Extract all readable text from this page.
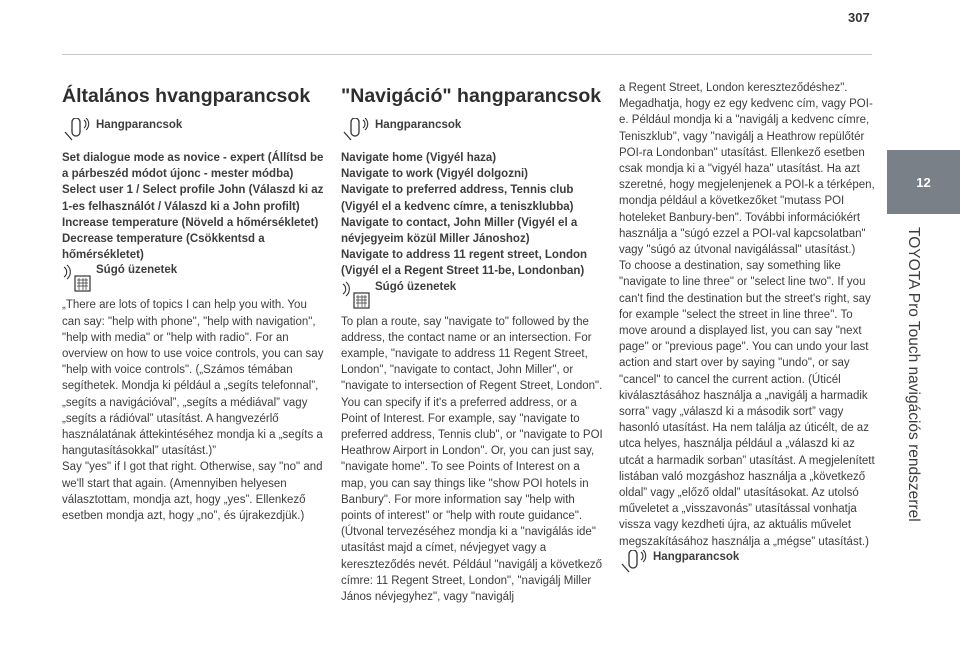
307
12
TOYOTA Pro Touch navigációs rendszerrel
Általános hvangparancsok
Hangparancsok

Set dialogue mode as novice - expert (Állítsd be a párbeszéd módot újonc - mester módba)
Select user 1 / Select profile John (Válaszd ki az 1-es felhasználót / Válaszd ki a John profilt)
Increase temperature (Növeld a hőmérsékletet)
Decrease temperature (Csökkentsd a hőmérsékletet)

Súgó üzenetek

„There are lots of topics I can help you with. You can say: "help with phone", "help with navigation", "help with media" or "help with radio". For an overview on how to use voice controls, you can say "help with voice controls". („Számos témában segíthetek. Mondja ki például a „segíts telefonnal”, „segíts a navigációval”, „segíts a médiával” vagy „segíts a rádióval” utasítást. A hangvezérlő használatának áttekintéséhez mondja ki a „segíts a hangutasításokkal” utasítást.)”
Say "yes" if I got that right. Otherwise, say "no" and we'll start that again. (Amennyiben helyesen választottam, mondja azt, hogy „yes”. Ellenkező esetben mondja azt, hogy „no”, és újrakezdjük.)

"Navigáció" hangparancsok
Hangparancsok

Navigate home (Vigyél haza)
Navigate to work (Vigyél dolgozni)
Navigate to preferred address, Tennis club (Vigyél el a kedvenc címre, a teniszklubba)
Navigate to contact, John Miller (Vigyél el a névjegyeim közül Miller Jánoshoz)
Navigate to address 11 regent street, London (Vigyél el a Regent Street 11-be, Londonban)

Súgó üzenetek

To plan a route, say "navigate to" followed by the address, the contact name or an intersection. For example, "navigate to address 11 Regent Street, London", "navigate to contact, John Miller", or "navigate to intersection of Regent Street, London". You can specify if it's a preferred address, or a Point of Interest. For example, say "navigate to preferred address, Tennis club", or "navigate to POI Heathrow Airport in London". Or, you can just say, "navigate home". To see Points of Interest on a map, you can say things like "show POI hotels in Banbury". For more information say "help with points of interest" or "help with route guidance". (Útvonal tervezéséhez mondja ki a "navigálás ide" utasítást majd a címet, névjegyet vagy a kereszteződés nevét. Például "navigálj a következő címre: 11 Regent Street, London", "navigálj Miller János névjegyhez", vagy "navigálj

a Regent Street, London kereszteződéshez". Megadhatja, hogy ez egy kedvenc cím, vagy POI-e. Például mondja ki a "navigálj a kedvenc címre, Teniszklub", vagy "navigálj a Heathrow repülőtér POI-ra Londonban" utasítást. Ellenkező esetben csak mondja ki a "vigyél haza" utasítást. Ha azt szeretné, hogy megjelenjenek a POI-k a térképen, mondja például a következőket "mutass POI hoteleket Banbury-ben". További információkért használja a "súgó ezzel a POI-val kapcsolatban" vagy "súgó az útvonal navigálással" utasítást.)
To choose a destination, say something like "navigate to line three" or "select line two". If you can't find the destination but the street's right, say for example "select the street in line three". To move around a displayed list, you can say "next page" or "previous page". You can undo your last action and start over by saying "undo", or say "cancel" to cancel the current action. (Úticél kiválasztásához használja a „navigálj a harmadik sorra” vagy „válaszd ki a második sort” vagy hasonló utasítást. Ha nem találja az úticélt, de az utca helyes, használja például a „válaszd ki az utcát a harmadik sorban” utasítást. A megjelenített listában való mozgáshoz használja a „következő oldal” vagy „előző oldal” utasításokat. Az utolsó műveletet a „visszavonás” utasítással vonhatja vissza vagy kezdheti újra, az aktuális művelet megszakításához használja a „mégse” utasítást.)

Hangparancsok
